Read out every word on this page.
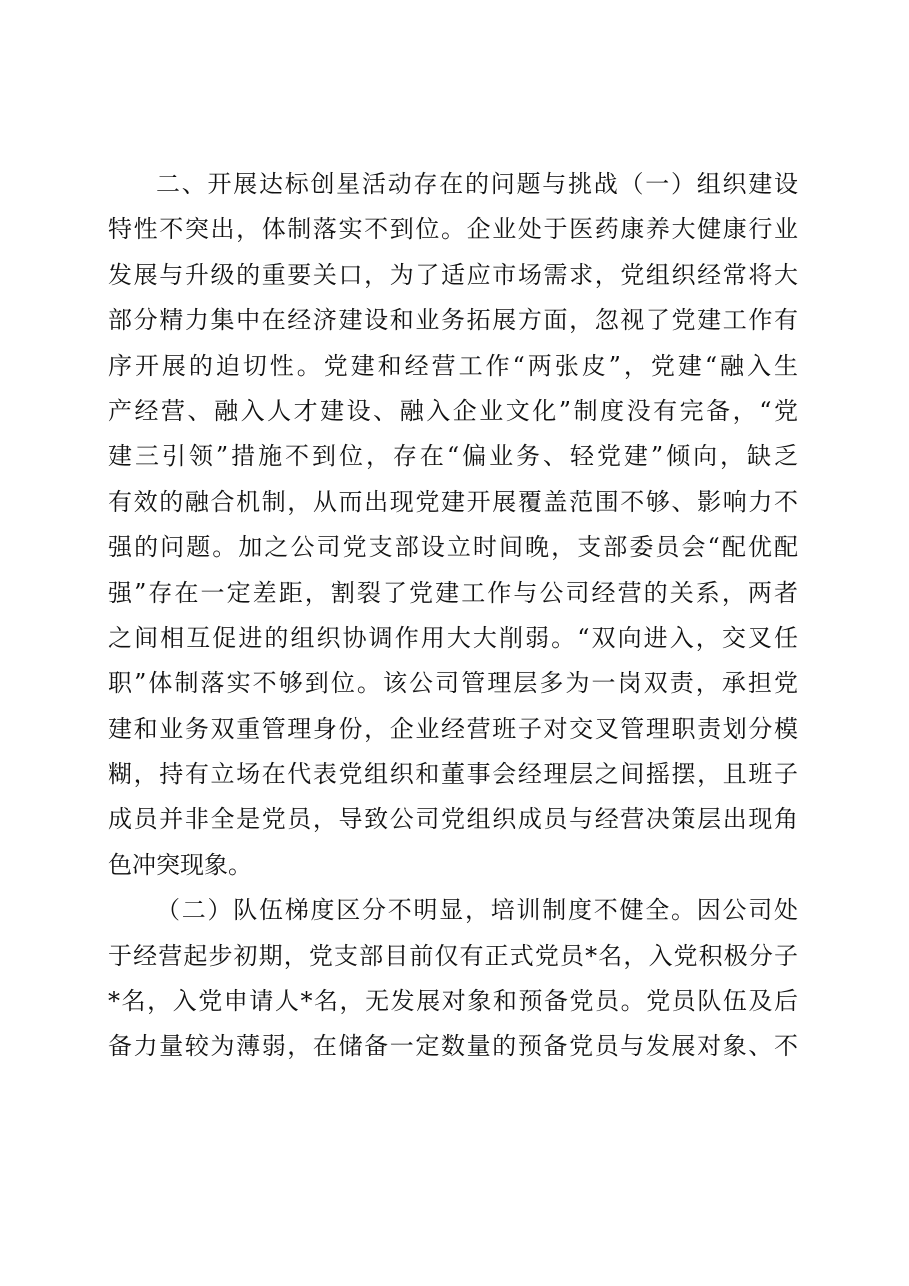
二、开展达标创星活动存在的问题与挑战（一）组织建设

特性不突出，体制落实不到位。企业处于医药康养大健康行业

发展与升级的重要关口，为了适应市场需求，党组织经常将大

部分精力集中在经济建设和业务拓展方面，忽视了党建工作有

序开展的迫切性。党建和经营工作“两张皮”，党建“融入生

产经营、融入人才建设、融入企业文化”制度没有完备，“党

建三引领”措施不到位，存在“偏业务、轻党建”倾向，缺乏

有效的融合机制，从而出现党建开展覆盖范围不够、影响力不

强的问题。加之公司党支部设立时间晚，支部委员会“配优配

强”存在一定差距，割裂了党建工作与公司经营的关系，两者

之间相互促进的组织协调作用大大削弱。“双向进入，交叉任

职”体制落实不够到位。该公司管理层多为一岗双责，承担党

建和业务双重管理身份，企业经营班子对交叉管理职责划分模

糊，持有立场在代表党组织和董事会经理层之间摇摆，且班子

成员并非全是党员，导致公司党组织成员与经营决策层出现角

色冲突现象。

（二）队伍梯度区分不明显，培训制度不健全。因公司处

于经营起步初期，党支部目前仅有正式党员*名，入党积极分子

*名，入党申请人*名，无发展对象和预备党员。党员队伍及后

备力量较为薄弱，在储备一定数量的预备党员与发展对象、不
